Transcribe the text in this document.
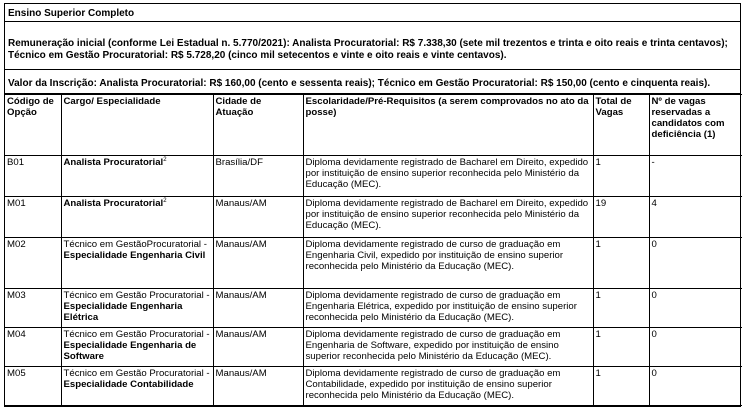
Ensino Superior Completo
Remuneração inicial (conforme Lei Estadual n. 5.770/2021): Analista Procuratorial: R$ 7.338,30 (sete mil trezentos e trinta e oito reais e trinta centavos); Técnico em Gestão Procuratorial: R$ 5.728,20 (cinco mil setecentos e vinte e oito reais e vinte centavos).
Valor da Inscrição: Analista Procuratorial: R$ 160,00 (cento e sessenta reais); Técnico em Gestão Procuratorial: R$ 150,00 (cento e cinquenta reais).
Código de Opção	Cargo/ Especialidade	Cidade de Atuação	Escolaridade/Pré-Requisitos (a serem comprovados no ato da posse)	Total de Vagas	Nº de vagas reservadas a candidatos com deficiência (1)
B01	Analista Procuratorial$^2$	Brasília/DF	Diploma devidamente registrado de Bacharel em Direito, expedido por instituição de ensino superior reconhecida pelo Ministério da Educação (MEC).	1	-
M01	Analista Procuratorial$^2$	Manaus/AM	Diploma devidamente registrado de Bacharel em Direito, expedido por instituição de ensino superior reconhecida pelo Ministério da Educação (MEC).	19	4
M02	Técnico em GestãoProcuratorial - Especialidade Engenharia Civil	Manaus/AM	Diploma devidamente registrado de curso de graduação em Engenharia Civil, expedido por instituição de ensino superior reconhecida pelo Ministério da Educação (MEC).	1	0
M03	Técnico em Gestão Procuratorial - Especialidade Engenharia Elétrica	Manaus/AM	Diploma devidamente registrado de curso de graduação em Engenharia Elétrica, expedido por instituição de ensino superior reconhecida pelo Ministério da Educação (MEC).	1	0
M04	Técnico em Gestão Procuratorial - Especialidade Engenharia de Software	Manaus/AM	Diploma devidamente registrado de curso de graduação em Engenharia de Software, expedido por instituição de ensino superior reconhecida pelo Ministério da Educação (MEC).	1	0
M05	Técnico em Gestão Procuratorial - Especialidade Contabilidade	Manaus/AM	Diploma devidamente registrado de curso de graduação em Contabilidade, expedido por instituição de ensino superior reconhecida pelo Ministério da Educação (MEC).	1	0
